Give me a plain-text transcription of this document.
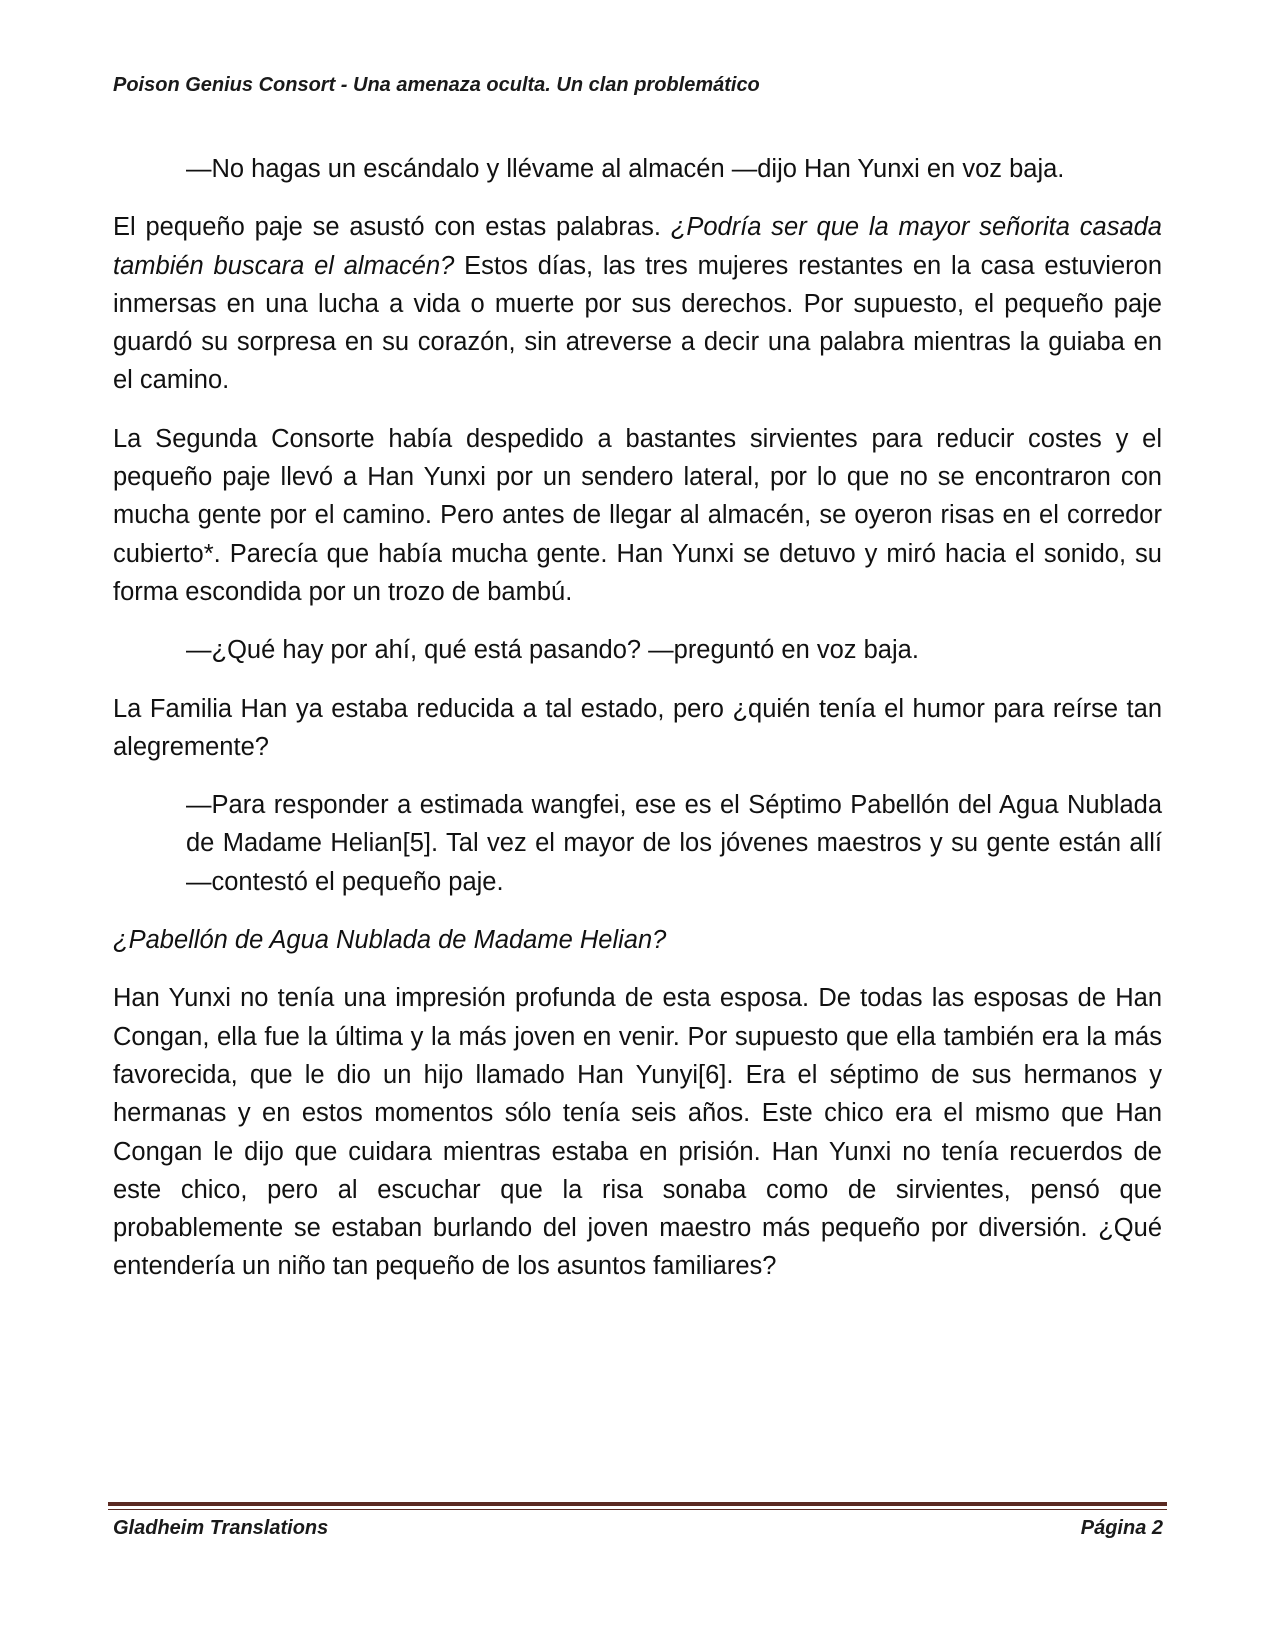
Poison Genius Consort - Una amenaza oculta. Un clan problemático

—No hagas un escándalo y llévame al almacén —dijo Han Yunxi en voz baja.

El pequeño paje se asustó con estas palabras. ¿Podría ser que la mayor señorita casada también buscara el almacén? Estos días, las tres mujeres restantes en la casa estuvieron inmersas en una lucha a vida o muerte por sus derechos. Por supuesto, el pequeño paje guardó su sorpresa en su corazón, sin atreverse a decir una palabra mientras la guiaba en el camino.

La Segunda Consorte había despedido a bastantes sirvientes para reducir costes y el pequeño paje llevó a Han Yunxi por un sendero lateral, por lo que no se encontraron con mucha gente por el camino. Pero antes de llegar al almacén, se oyeron risas en el corredor cubierto*. Parecía que había mucha gente. Han Yunxi se detuvo y miró hacia el sonido, su forma escondida por un trozo de bambú.

—¿Qué hay por ahí, qué está pasando? —preguntó en voz baja.

La Familia Han ya estaba reducida a tal estado, pero ¿quién tenía el humor para reírse tan alegremente?

—Para responder a estimada wangfei, ese es el Séptimo Pabellón del Agua Nublada de Madame Helian[5]. Tal vez el mayor de los jóvenes maestros y su gente están allí —contestó el pequeño paje.

¿Pabellón de Agua Nublada de Madame Helian?

Han Yunxi no tenía una impresión profunda de esta esposa. De todas las esposas de Han Congan, ella fue la última y la más joven en venir. Por supuesto que ella también era la más favorecida, que le dio un hijo llamado Han Yunyi[6]. Era el séptimo de sus hermanos y hermanas y en estos momentos sólo tenía seis años. Este chico era el mismo que Han Congan le dijo que cuidara mientras estaba en prisión. Han Yunxi no tenía recuerdos de este chico, pero al escuchar que la risa sonaba como de sirvientes, pensó que probablemente se estaban burlando del joven maestro más pequeño por diversión. ¿Qué entendería un niño tan pequeño de los asuntos familiares?

Gladheim Translations	Página 2
